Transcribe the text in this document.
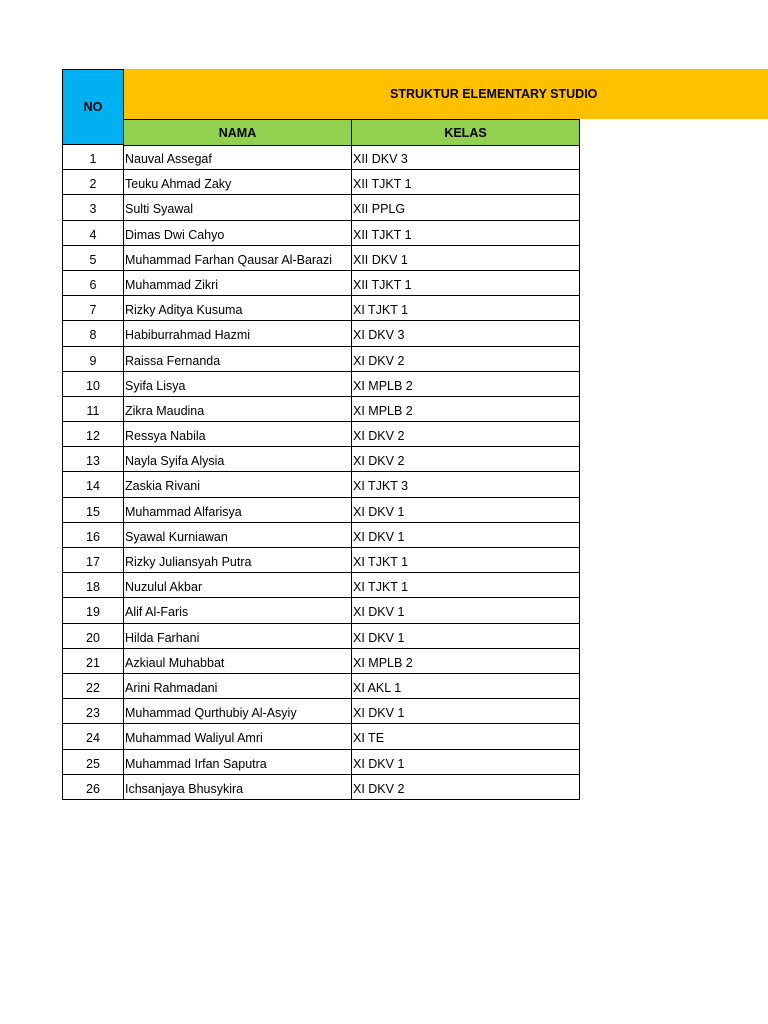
STRUKTUR ELEMENTARY STUDIO
NO
NAMA	KELAS
1	Nauval Assegaf	XII DKV 3
2	Teuku Ahmad Zaky	XII TJKT 1
3	Sulti Syawal	XII PPLG
4	Dimas Dwi Cahyo	XII TJKT 1
5	Muhammad Farhan Qausar Al-Barazi	XII DKV 1
6	Muhammad Zikri	XII TJKT 1
7	Rizky Aditya Kusuma	XI TJKT 1
8	Habiburrahmad Hazmi	XI DKV 3
9	Raissa Fernanda	XI DKV 2
10	Syifa Lisya	XI MPLB 2
11	Zikra Maudina	XI MPLB 2
12	Ressya Nabila	XI DKV 2
13	Nayla Syifa Alysia	XI DKV 2
14	Zaskia Rivani	XI TJKT 3
15	Muhammad Alfarisya	XI DKV 1
16	Syawal Kurniawan	XI DKV 1
17	Rizky Juliansyah Putra	XI TJKT 1
18	Nuzulul Akbar	XI TJKT 1
19	Alif Al-Faris	XI DKV 1
20	Hilda Farhani	XI DKV 1
21	Azkiaul Muhabbat	XI MPLB 2
22	Arini Rahmadani	XI AKL 1
23	Muhammad Qurthubiy Al-Asyiy	XI DKV 1
24	Muhammad Waliyul Amri	XI TE
25	Muhammad Irfan Saputra	XI DKV 1
26	Ichsanjaya Bhusykira	XI DKV 2
